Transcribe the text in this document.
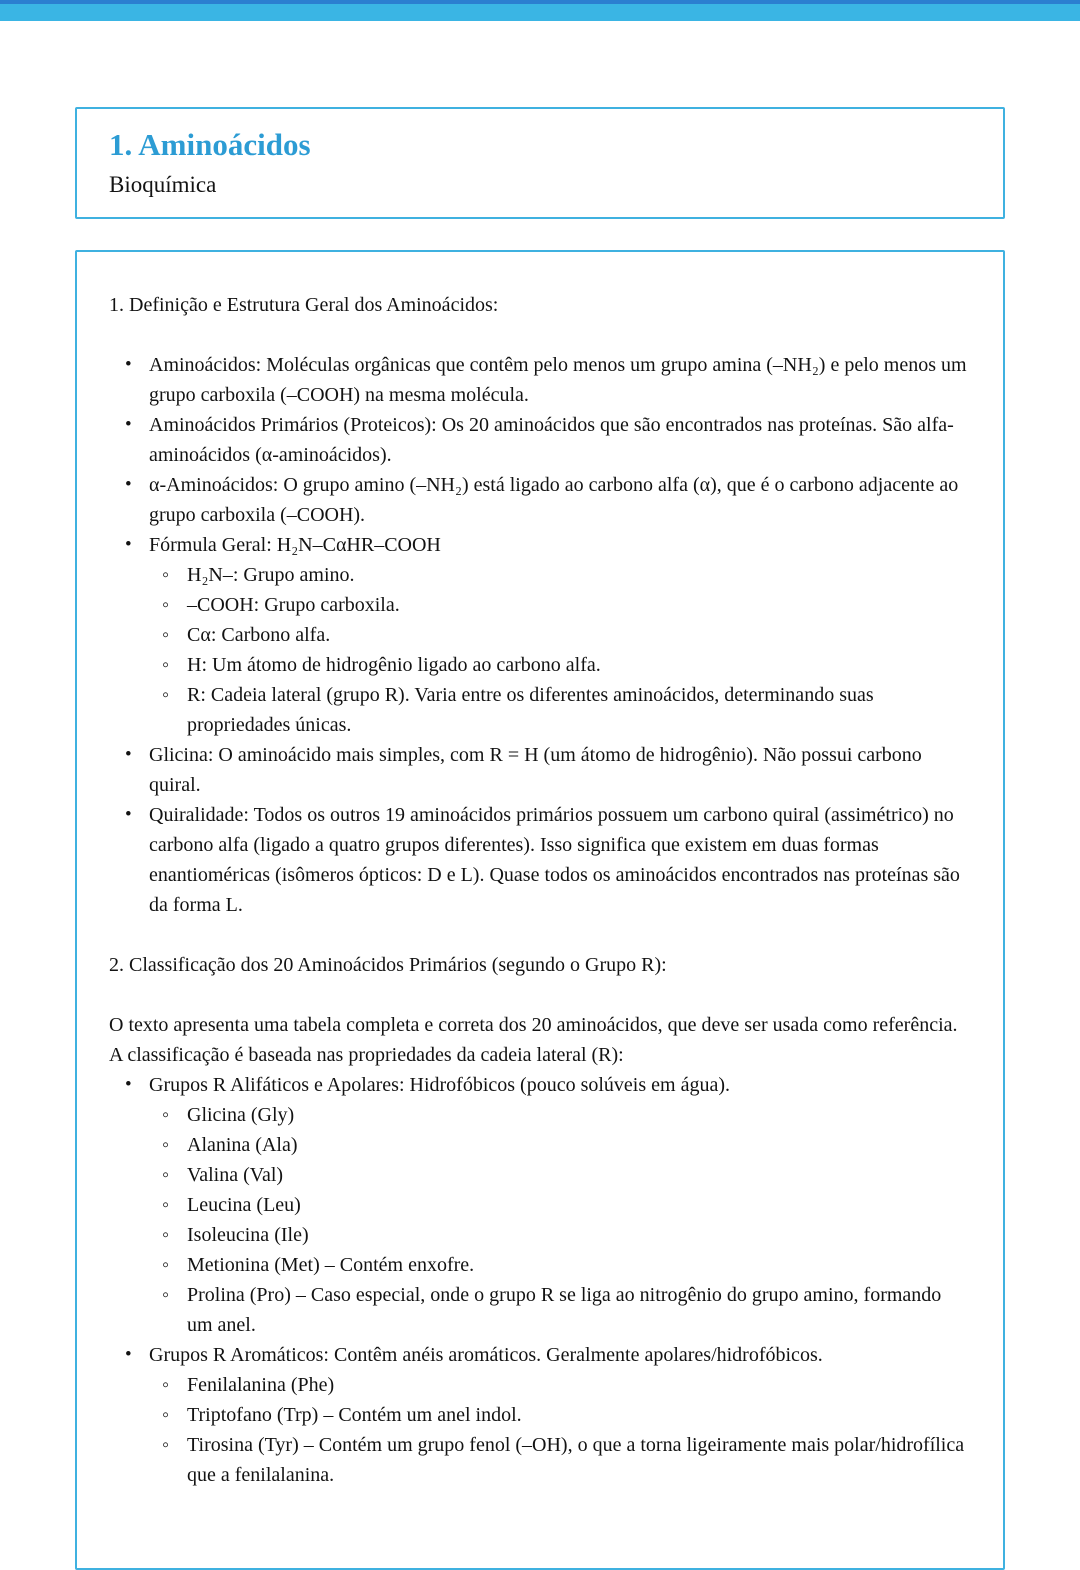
1. Aminoácidos
Bioquímica
1. Definição e Estrutura Geral dos Aminoácidos:
• Aminoácidos: Moléculas orgânicas que contêm pelo menos um grupo amina (–NH₂) e pelo menos um grupo carboxila (–COOH) na mesma molécula.
• Aminoácidos Primários (Proteicos): Os 20 aminoácidos que são encontrados nas proteínas. São alfa-aminoácidos (α-aminoácidos).
• α-Aminoácidos: O grupo amino (–NH₂) está ligado ao carbono alfa (α), que é o carbono adjacente ao grupo carboxila (–COOH).
• Fórmula Geral: H₂N–CαHR–COOH
◦ H₂N–: Grupo amino.
◦ –COOH: Grupo carboxila.
◦ Cα: Carbono alfa.
◦ H: Um átomo de hidrogênio ligado ao carbono alfa.
◦ R: Cadeia lateral (grupo R). Varia entre os diferentes aminoácidos, determinando suas propriedades únicas.
• Glicina: O aminoácido mais simples, com R = H (um átomo de hidrogênio). Não possui carbono quiral.
• Quiralidade: Todos os outros 19 aminoácidos primários possuem um carbono quiral (assimétrico) no carbono alfa (ligado a quatro grupos diferentes). Isso significa que existem em duas formas enantioméricas (isômeros ópticos: D e L). Quase todos os aminoácidos encontrados nas proteínas são da forma L.
2. Classificação dos 20 Aminoácidos Primários (segundo o Grupo R):
O texto apresenta uma tabela completa e correta dos 20 aminoácidos, que deve ser usada como referência. A classificação é baseada nas propriedades da cadeia lateral (R):
• Grupos R Alifáticos e Apolares: Hidrofóbicos (pouco solúveis em água).
◦ Glicina (Gly)
◦ Alanina (Ala)
◦ Valina (Val)
◦ Leucina (Leu)
◦ Isoleucina (Ile)
◦ Metionina (Met) – Contém enxofre.
◦ Prolina (Pro) – Caso especial, onde o grupo R se liga ao nitrogênio do grupo amino, formando um anel.
• Grupos R Aromáticos: Contêm anéis aromáticos. Geralmente apolares/hidrofóbicos.
◦ Fenilalanina (Phe)
◦ Triptofano (Trp) – Contém um anel indol.
◦ Tirosina (Tyr) – Contém um grupo fenol (–OH), o que a torna ligeiramente mais polar/hidrofílica que a fenilalanina.
